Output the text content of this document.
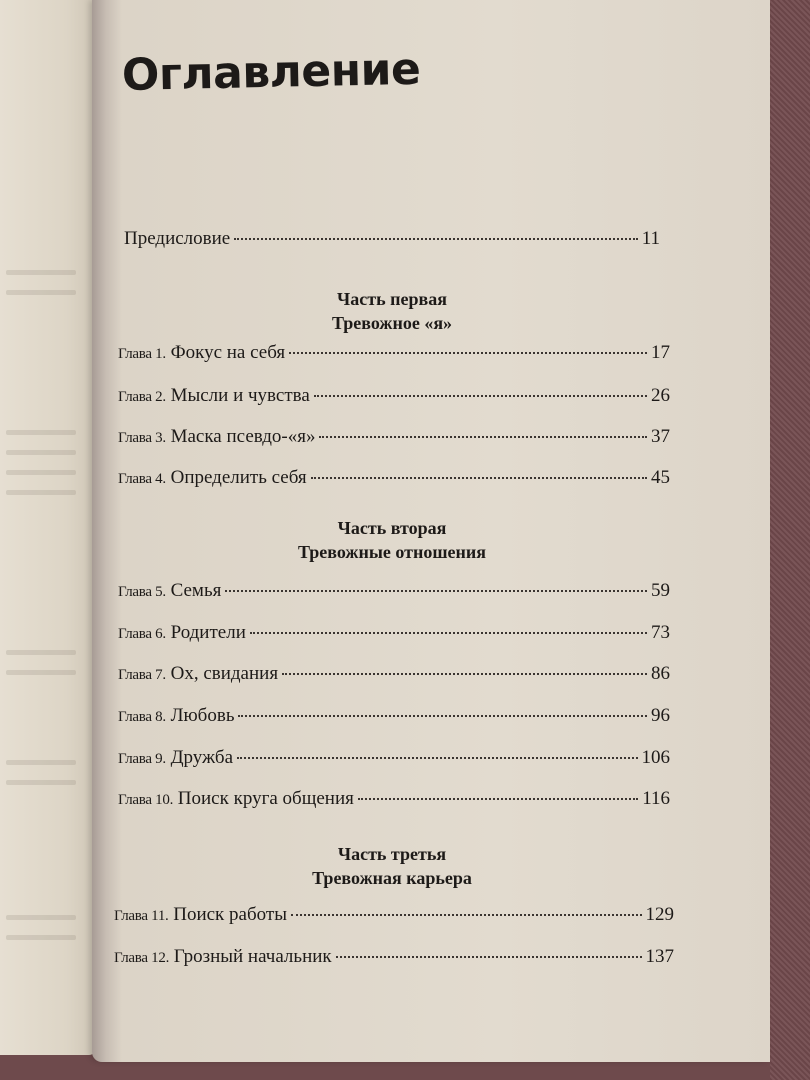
Оглавление
Предисловие	11
Часть первая
Тревожное «я»
Глава 1. Фокус на себя	17
Глава 2. Мысли и чувства	26
Глава 3. Маска псевдо-«я»	37
Глава 4. Определить себя	45
Часть вторая
Тревожные отношения
Глава 5. Семья	59
Глава 6. Родители	73
Глава 7. Ох, свидания	86
Глава 8. Любовь	96
Глава 9. Дружба	106
Глава 10. Поиск круга общения	116
Часть третья
Тревожная карьера
Глава 11. Поиск работы	129
Глава 12. Грозный начальник	137
